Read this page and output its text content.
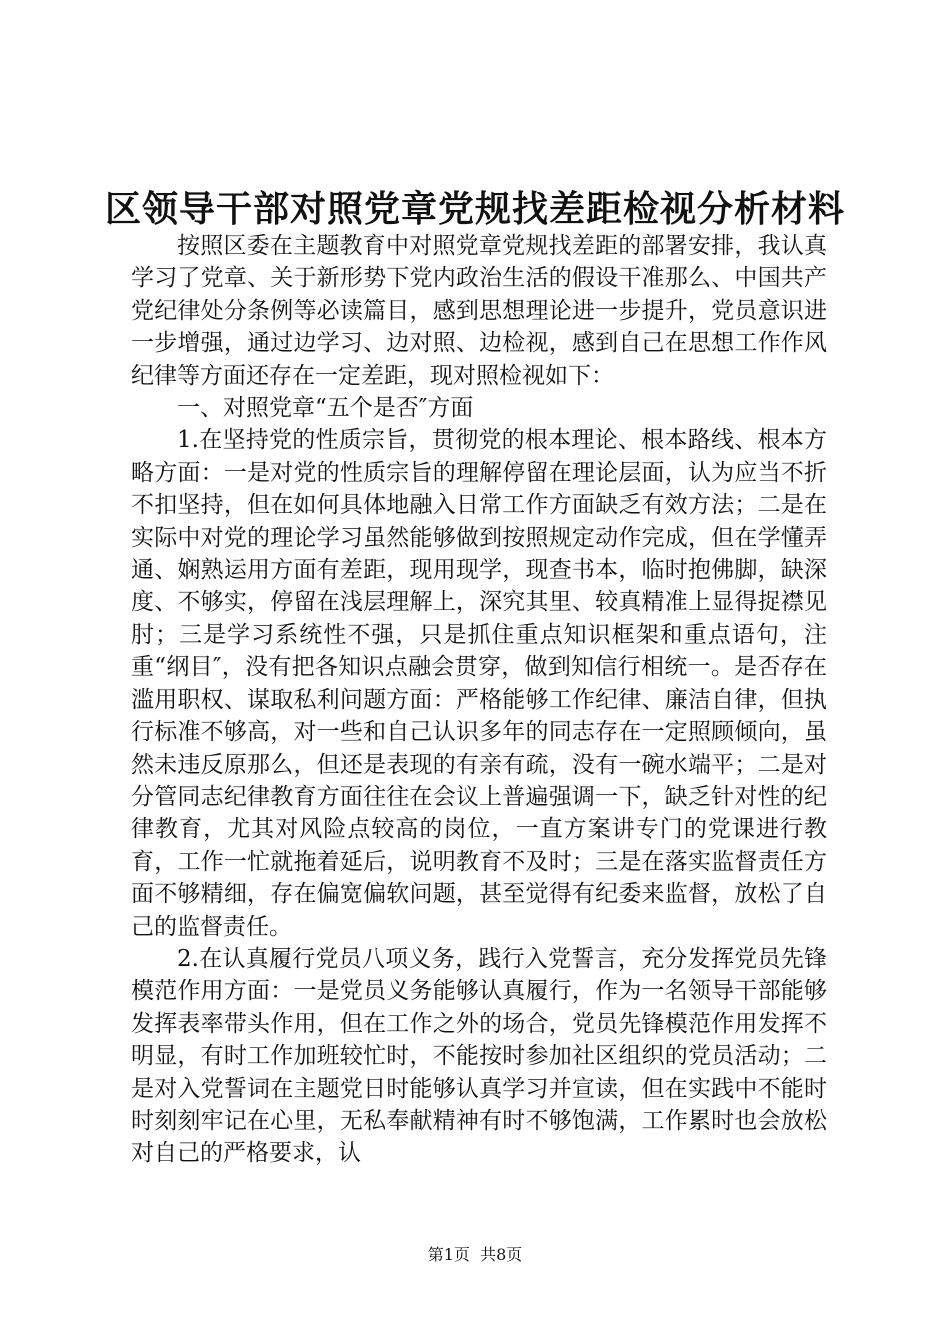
区领导干部对照党章党规找差距检视分析材料

按照区委在主题教育中对照党章党规找差距的部署安排，我认真学习了党章、关于新形势下党内政治生活的假设干准那么、中国共产党纪律处分条例等必读篇目，感到思想理论进一步提升，党员意识进一步增强，通过边学习、边对照、边检视，感到自己在思想工作作风纪律等方面还存在一定差距，现对照检视如下：

一、对照党章“五个是否″方面

1.在坚持党的性质宗旨，贯彻党的根本理论、根本路线、根本方略方面：一是对党的性质宗旨的理解停留在理论层面，认为应当不折不扣坚持，但在如何具体地融入日常工作方面缺乏有效方法；二是在实际中对党的理论学习虽然能够做到按照规定动作完成，但在学懂弄通、娴熟运用方面有差距，现用现学，现查书本，临时抱佛脚，缺深度、不够实，停留在浅层理解上，深究其里、较真精准上显得捉襟见肘；三是学习系统性不强，只是抓住重点知识框架和重点语句，注重“纲目″，没有把各知识点融会贯穿，做到知信行相统一。是否存在滥用职权、谋取私利问题方面：严格能够工作纪律、廉洁自律，但执行标准不够高，对一些和自己认识多年的同志存在一定照顾倾向，虽然未违反原那么，但还是表现的有亲有疏，没有一碗水端平；二是对分管同志纪律教育方面往往在会议上普遍强调一下，缺乏针对性的纪律教育，尤其对风险点较高的岗位，一直方案讲专门的党课进行教育，工作一忙就拖着延后，说明教育不及时；三是在落实监督责任方面不够精细，存在偏宽偏软问题，甚至觉得有纪委来监督，放松了自己的监督责任。

2.在认真履行党员八项义务，践行入党誓言，充分发挥党员先锋模范作用方面：一是党员义务能够认真履行，作为一名领导干部能够发挥表率带头作用，但在工作之外的场合，党员先锋模范作用发挥不明显，有时工作加班较忙时，不能按时参加社区组织的党员活动；二是对入党誓词在主题党日时能够认真学习并宣读，但在实践中不能时时刻刻牢记在心里，无私奉献精神有时不够饱满，工作累时也会放松对自己的严格要求，认

第1页  共8页
